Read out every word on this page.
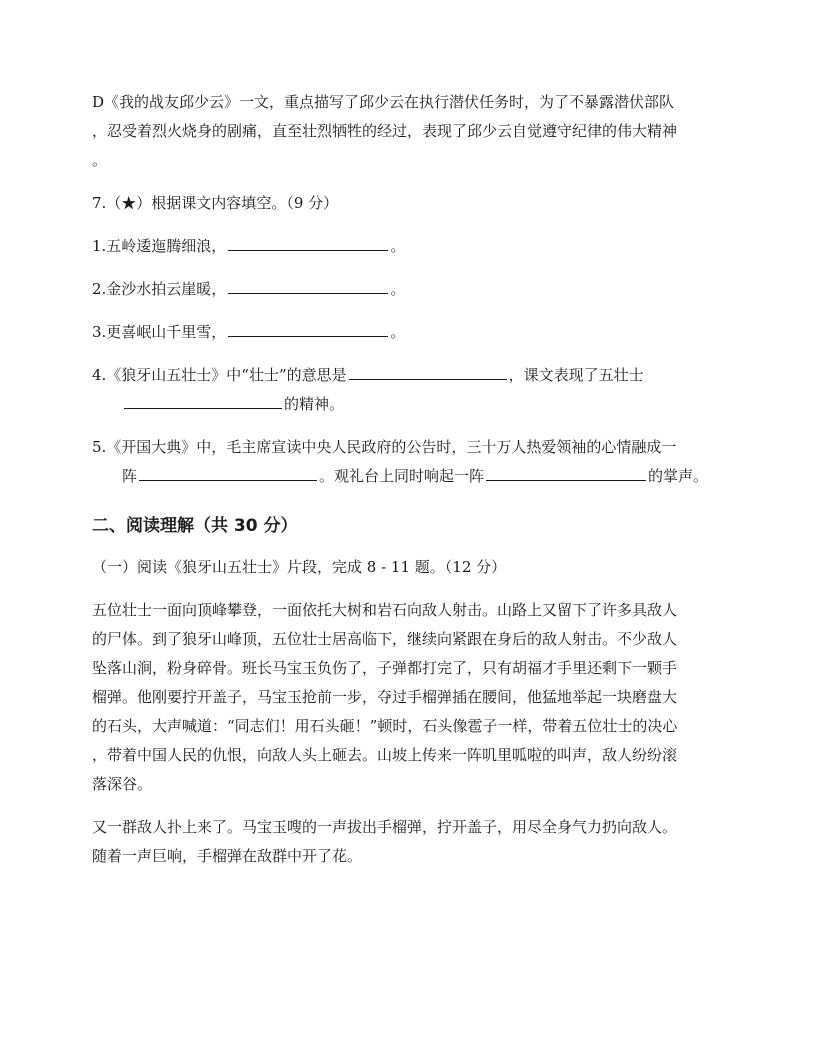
D《我的战友邱少云》一文，重点描写了邱少云在执行潜伏任务时，为了不暴露潜伏部队

，忍受着烈火烧身的剧痛，直至壮烈牺牲的经过，表现了邱少云自觉遵守纪律的伟大精神

。

7.（★）根据课文内容填空。（9 分）

1.五岭逶迤腾细浪，	。

2.金沙水拍云崖暖，	。

3.更喜岷山千里雪，	。

4.《狼牙山五壮士》中“壮士”的意思是	，课文表现了五壮士

的精神。

5.《开国大典》中，毛主席宣读中央人民政府的公告时，三十万人热爱领袖的心情融成一

阵	。观礼台上同时响起一阵	的掌声。

二、阅读理解（共 30 分）

（一）阅读《狼牙山五壮士》片段，完成 8 - 11 题。（12 分）

五位壮士一面向顶峰攀登，一面依托大树和岩石向敌人射击。山路上又留下了许多具敌人

的尸体。到了狼牙山峰顶，五位壮士居高临下，继续向紧跟在身后的敌人射击。不少敌人

坠落山涧，粉身碎骨。班长马宝玉负伤了，子弹都打完了，只有胡福才手里还剩下一颗手

榴弹。他刚要拧开盖子，马宝玉抢前一步，夺过手榴弹插在腰间，他猛地举起一块磨盘大

的石头，大声喊道：“同志们！用石头砸！”顿时，石头像雹子一样，带着五位壮士的决心

，带着中国人民的仇恨，向敌人头上砸去。山坡上传来一阵叽里呱啦的叫声，敌人纷纷滚

落深谷。

又一群敌人扑上来了。马宝玉嗖的一声拔出手榴弹，拧开盖子，用尽全身气力扔向敌人。

随着一声巨响，手榴弹在敌群中开了花。
